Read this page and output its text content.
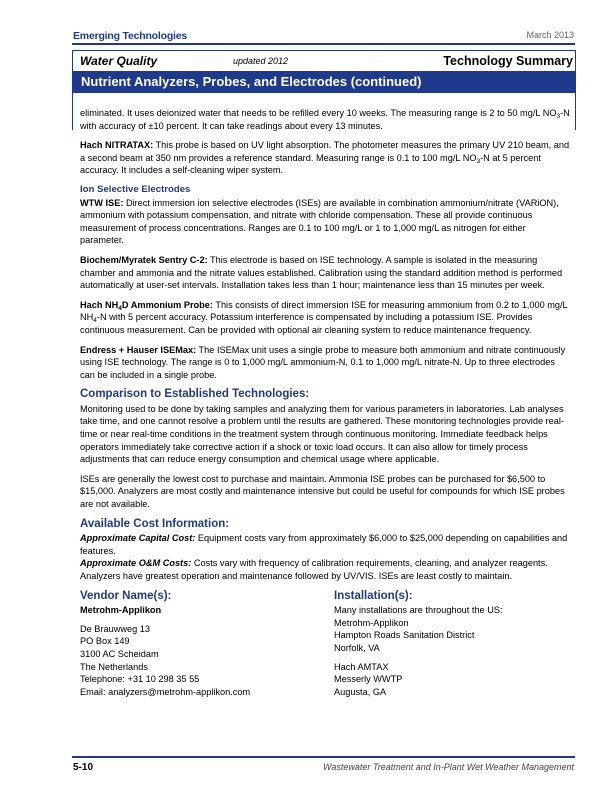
Emerging Technologies	March 2013
Water Quality	updated 2012	Technology Summary
Nutrient Analyzers, Probes, and Electrodes (continued)

eliminated. It uses deionized water that needs to be refilled every 10 weeks. The measuring range is 2 to 50 mg/L $NO_3-N$ with accuracy of ±10 percent. It can take readings about every 13 minutes.

Hach NITRATAX: This probe is based on UV light absorption. The photometer measures the primary UV 210 beam, and a second beam at 350 nm provides a reference standard. Measuring range is 0.1 to 100 mg/L $NO_3-N$ at 5 percent accuracy. It includes a self-cleaning wiper system.

Ion Selective Electrodes

WTW ISE: Direct immersion ion selective electrodes (ISEs) are available in combination ammonium/nitrate (VARiON), ammonium with potassium compensation, and nitrate with chloride compensation. These all provide continuous measurement of process concentrations. Ranges are 0.1 to 100 mg/L or 1 to 1,000 mg/L as nitrogen for either parameter.

Biochem/Myratek Sentry C-2: This electrode is based on ISE technology. A sample is isolated in the measuring chamber and ammonia and the nitrate values established. Calibration using the standard addition method is performed automatically at user-set intervals. Installation takes less than 1 hour; maintenance less than 15 minutes per week.

Hach $NH_4D$ Ammonium Probe: This consists of direct immersion ISE for measuring ammonium from 0.2 to 1,000 mg/L $NH_4-N$ with 5 percent accuracy. Potassium interference is compensated by including a potassium ISE. Provides continuous measurement. Can be provided with optional air cleaning system to reduce maintenance frequency.

Endress + Hauser ISEMax: The ISEMax unit uses a single probe to measure both ammonium and nitrate continuously using ISE technology. The range is 0 to 1,000 mg/L ammonium-N, 0.1 to 1,000 mg/L nitrate-N. Up to three electrodes can be included in a single probe.

Comparison to Established Technologies:

Monitoring used to be done by taking samples and analyzing them for various parameters in laboratories. Lab analyses take time, and one cannot resolve a problem until the results are gathered. These monitoring technologies provide real-time or near real-time conditions in the treatment system through continuous monitoring. Immediate feedback helps operators immediately take corrective action if a shock or toxic load occurs. It can also allow for timely process adjustments that can reduce energy consumption and chemical usage where applicable.

ISEs are generally the lowest cost to purchase and maintain. Ammonia ISE probes can be purchased for $6,500 to $15,000. Analyzers are most costly and maintenance intensive but could be useful for compounds for which ISE probes are not available.

Available Cost Information:

Approximate Capital Cost: Equipment costs vary from approximately $6,000 to $25,000 depending on capabilities and features.

Approximate O&M Costs: Costs vary with frequency of calibration requirements, cleaning, and analyzer reagents. Analyzers have greatest operation and maintenance followed by UV/VIS. ISEs are least costly to maintain.

Vendor Name(s):

Metrohm-Applikon

De Brauwweg 13

PO Box 149

3100 AC Scheidam

The Netherlands

Telephone: +31 10 298 35 55

Email: analyzers@metrohm-applikon.com

Installation(s):

Many installations are throughout the US:

Metrohm-Applikon

Hampton Roads Sanitation District

Norfolk, VA

Hach AMTAX

Messerly WWTP

Augusta, GA

5-10	Wastewater Treatment and In-Plant Wet Weather Management
